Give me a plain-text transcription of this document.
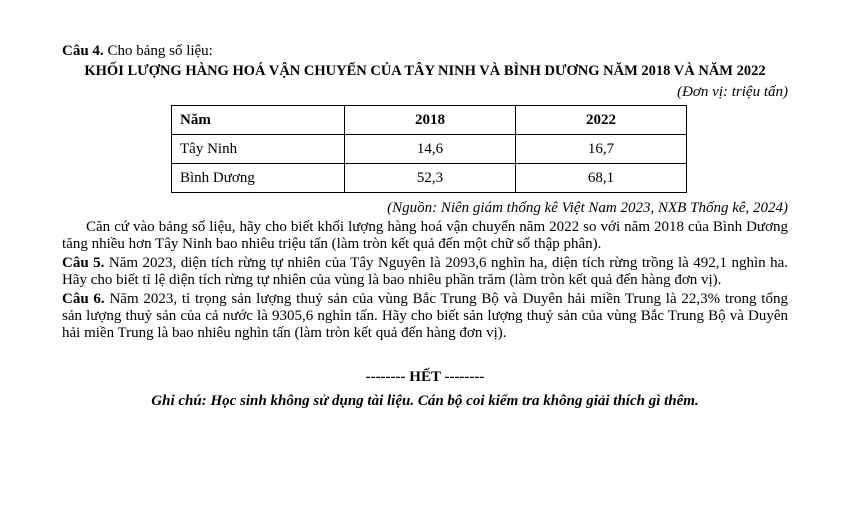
Câu 4. Cho bảng số liệu:
KHỐI LƯỢNG HÀNG HOÁ VẬN CHUYỂN CỦA TÂY NINH VÀ BÌNH DƯƠNG NĂM 2018 VÀ NĂM 2022
(Đơn vị: triệu tấn)
Năm	2018	2022
Tây Ninh	14,6	16,7
Bình Dương	52,3	68,1
(Nguồn: Niên giám thống kê Việt Nam 2023, NXB Thống kê, 2024)
Căn cứ vào bảng số liệu, hãy cho biết khối lượng hàng hoá vận chuyển năm 2022 so với năm 2018 của Bình Dương tăng nhiều hơn Tây Ninh bao nhiêu triệu tấn (làm tròn kết quả đến một chữ số thập phân).
Câu 5. Năm 2023, diện tích rừng tự nhiên của Tây Nguyên là 2093,6 nghìn ha, diện tích rừng trồng là 492,1 nghìn ha. Hãy cho biết tỉ lệ diện tích rừng tự nhiên của vùng là bao nhiêu phần trăm (làm tròn kết quả đến hàng đơn vị).
Câu 6. Năm 2023, tỉ trọng sản lượng thuỷ sản của vùng Bắc Trung Bộ và Duyên hải miền Trung là 22,3% trong tổng sản lượng thuỷ sản của cả nước là 9305,6 nghìn tấn. Hãy cho biết sản lượng thuỷ sản của vùng Bắc Trung Bộ và Duyên hải miền Trung là bao nhiêu nghìn tấn (làm tròn kết quả đến hàng đơn vị).
-------- HẾT --------
Ghi chú: Học sinh không sử dụng tài liệu. Cán bộ coi kiểm tra không giải thích gì thêm.
